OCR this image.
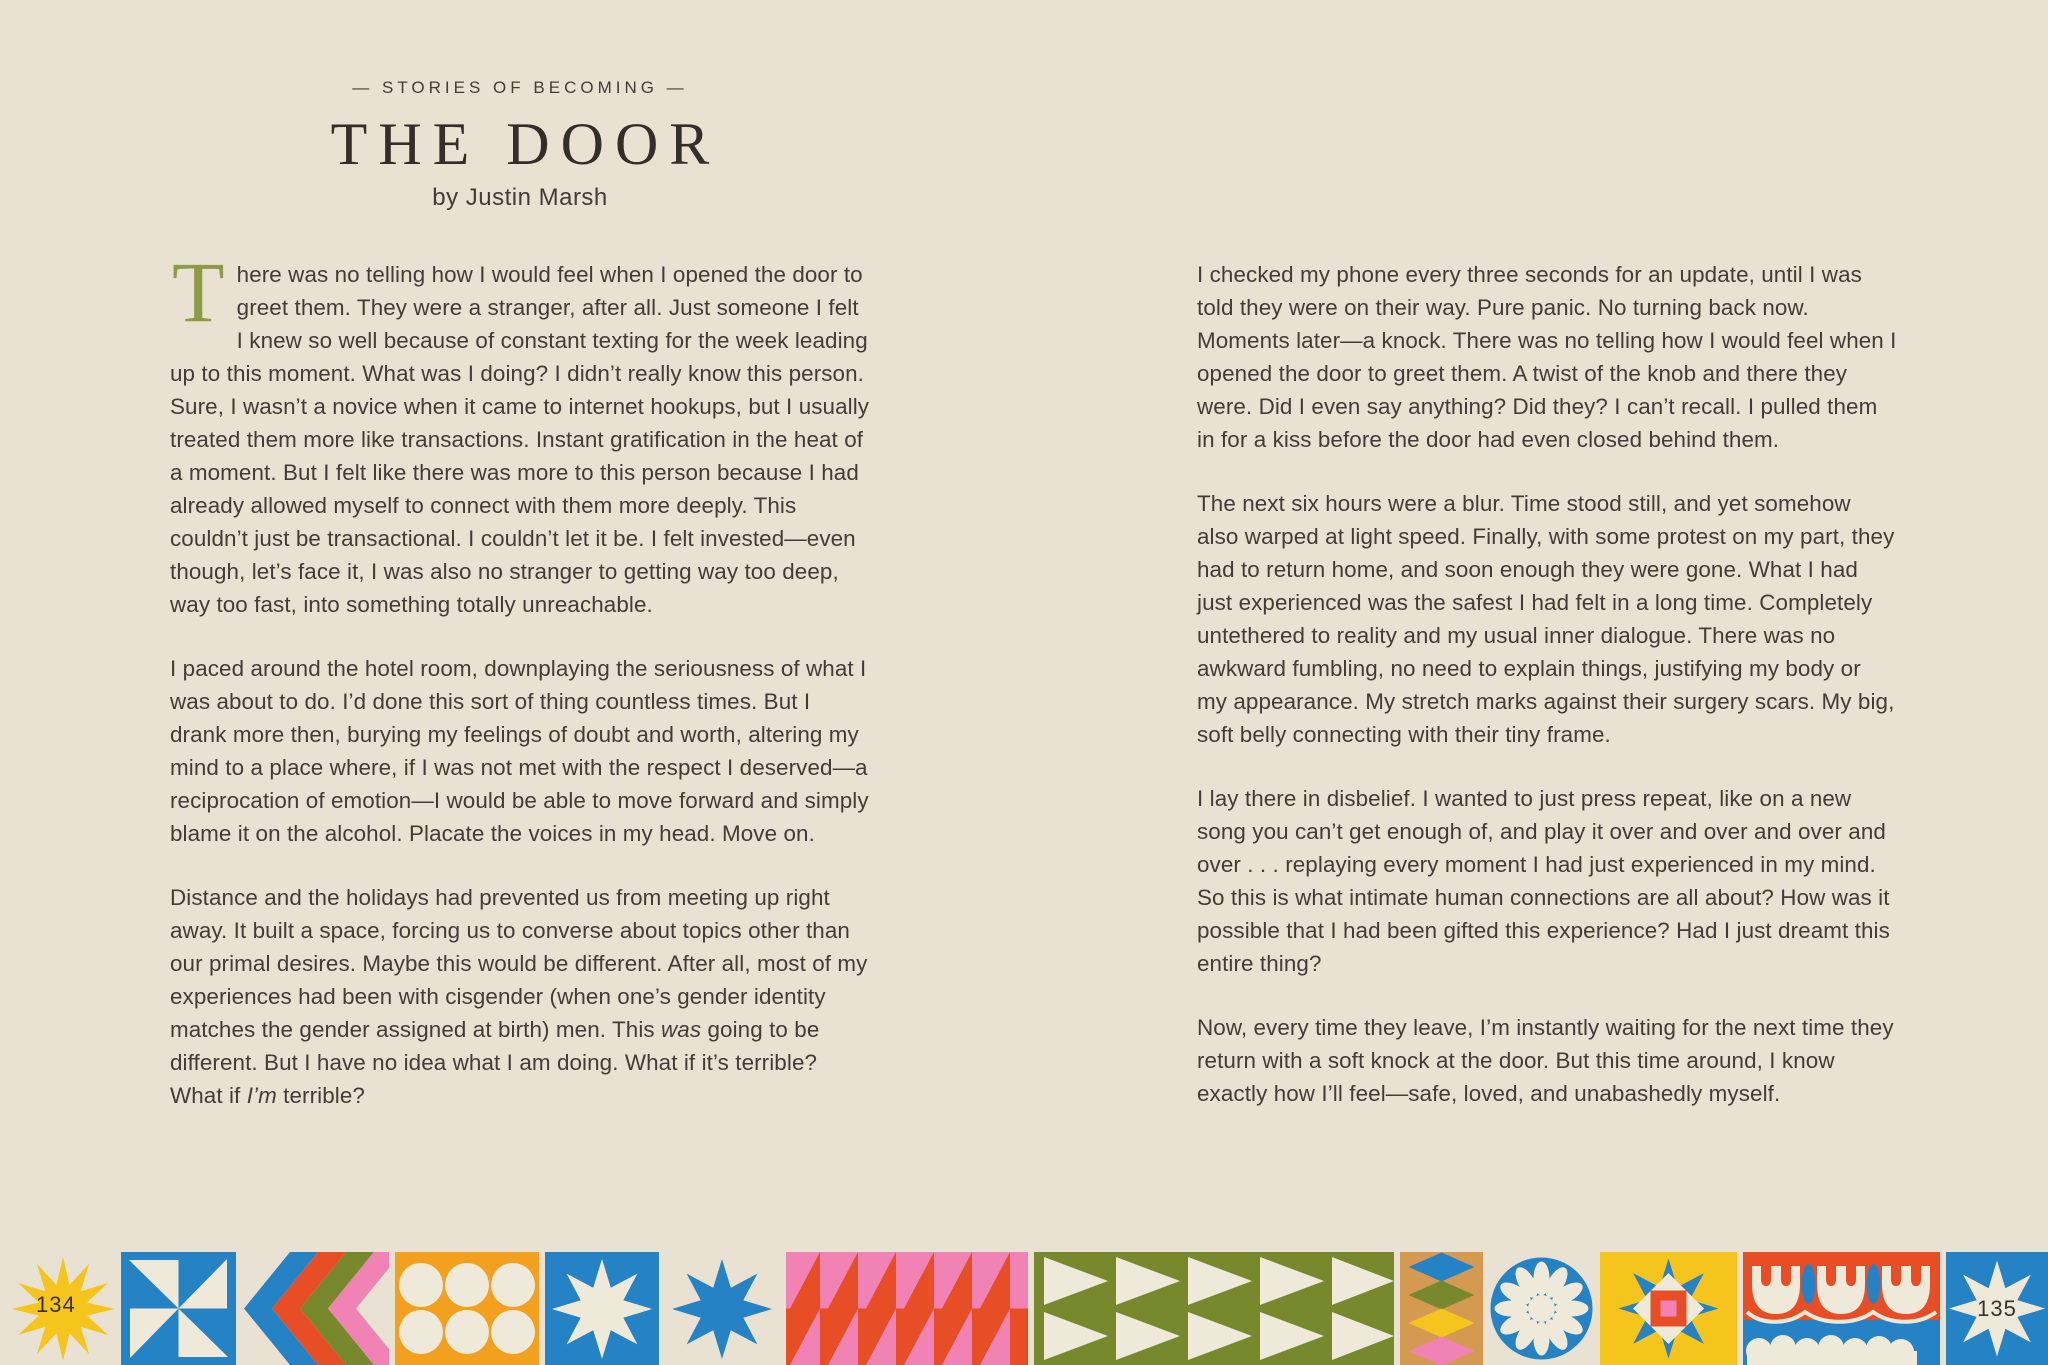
— STORIES OF BECOMING —
THE DOOR
by Justin Marsh

There was no telling how I would feel when I opened the door to greet them. They were a stranger, after all. Just someone I felt I knew so well because of constant texting for the week leading up to this moment. What was I doing? I didn’t really know this person. Sure, I wasn’t a novice when it came to internet hookups, but I usually treated them more like transactions. Instant gratification in the heat of a moment. But I felt like there was more to this person because I had already allowed myself to connect with them more deeply. This couldn’t just be transactional. I couldn’t let it be. I felt invested—even though, let’s face it, I was also no stranger to getting way too deep, way too fast, into something totally unreachable.

I paced around the hotel room, downplaying the seriousness of what I was about to do. I’d done this sort of thing countless times. But I drank more then, burying my feelings of doubt and worth, altering my mind to a place where, if I was not met with the respect I deserved—a reciprocation of emotion—I would be able to move forward and simply blame it on the alcohol. Placate the voices in my head. Move on.

Distance and the holidays had prevented us from meeting up right away. It built a space, forcing us to converse about topics other than our primal desires. Maybe this would be different. After all, most of my experiences had been with cisgender (when one’s gender identity matches the gender assigned at birth) men. This was going to be different. But I have no idea what I am doing. What if it’s terrible? What if I’m terrible?

I checked my phone every three seconds for an update, until I was told they were on their way. Pure panic. No turning back now. Moments later—a knock. There was no telling how I would feel when I opened the door to greet them. A twist of the knob and there they were. Did I even say anything? Did they? I can’t recall. I pulled them in for a kiss before the door had even closed behind them.

The next six hours were a blur. Time stood still, and yet somehow also warped at light speed. Finally, with some protest on my part, they had to return home, and soon enough they were gone. What I had just experienced was the safest I had felt in a long time. Completely untethered to reality and my usual inner dialogue. There was no awkward fumbling, no need to explain things, justifying my body or my appearance. My stretch marks against their surgery scars. My big, soft belly connecting with their tiny frame.

I lay there in disbelief. I wanted to just press repeat, like on a new song you can’t get enough of, and play it over and over and over and over . . . replaying every moment I had just experienced in my mind. So this is what intimate human connections are all about? How was it possible that I had been gifted this experience? Had I just dreamt this entire thing?

Now, every time they leave, I’m instantly waiting for the next time they return with a soft knock at the door. But this time around, I know exactly how I’ll feel—safe, loved, and unabashedly myself.

134	135
